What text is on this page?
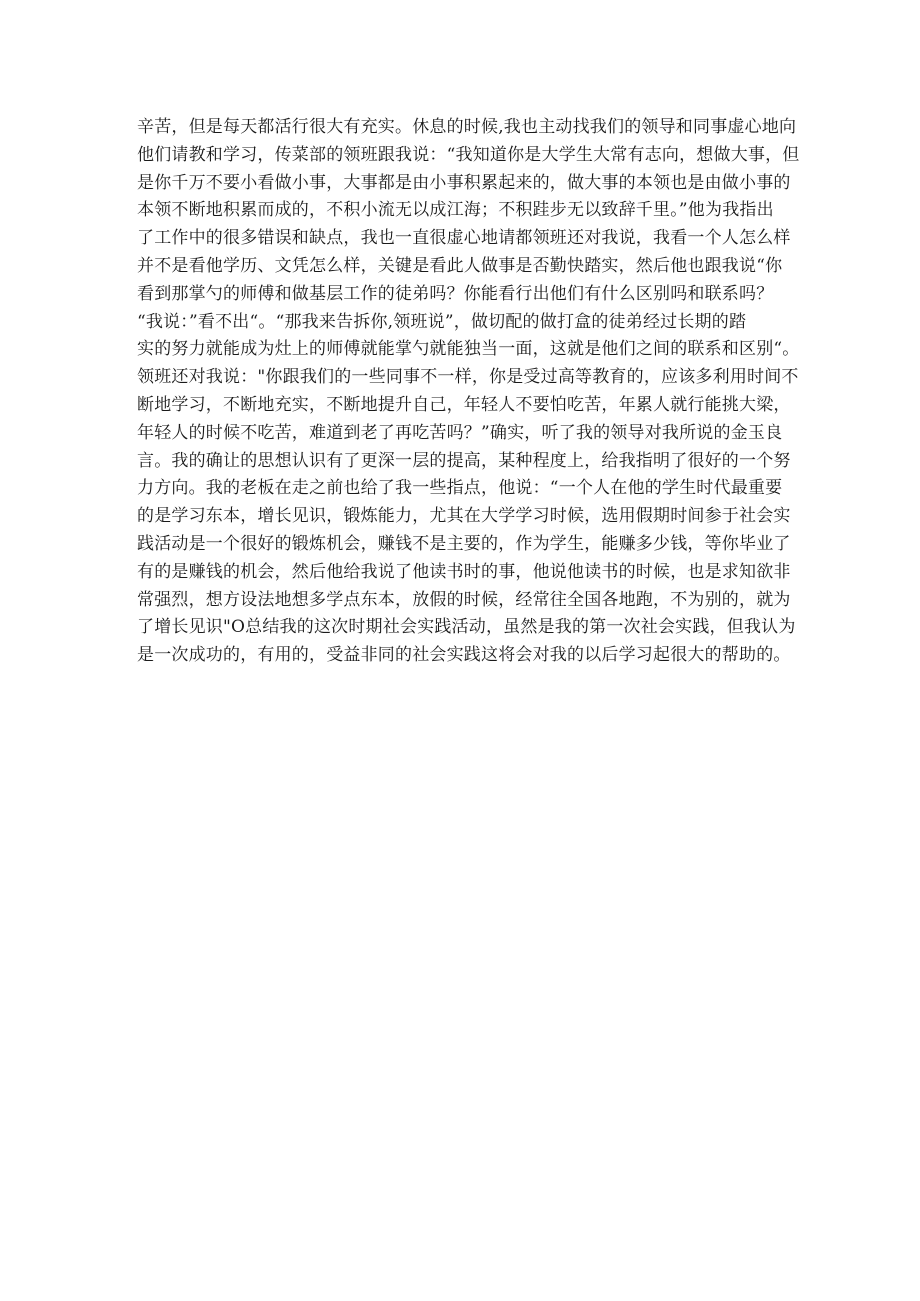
辛苦，但是每天都活行很大有充实。休息的时候,我也主动找我们的领导和同事虚心地向
他们请教和学习，传菜部的领班跟我说：“我知道你是大学生大常有志向，想做大事，但
是你千万不要小看做小事，大事都是由小事积累起来的，做大事的本领也是由做小事的
本领不断地积累而成的，不积小流无以成江海；不积跬步无以致辞千里。”他为我指出
了工作中的很多错误和缺点，我也一直很虚心地请都领班还对我说，我看一个人怎么样
并不是看他学历、文凭怎么样，关键是看此人做事是否勤快踏实，然后他也跟我说“你
看到那掌勺的师傅和做基层工作的徒弟吗？你能看行出他们有什么区别吗和联系吗？
“我说：”看不出“。“那我来告拆你,领班说”，做切配的做打盒的徒弟经过长期的踏
实的努力就能成为灶上的师傅就能掌勺就能独当一面，这就是他们之间的联系和区别“。
领班还对我说："你跟我们的一些同事不一样，你是受过高等教育的，应该多利用时间不
断地学习，不断地充实，不断地提升自己，年轻人不要怕吃苦，年累人就行能挑大梁，
年轻人的时候不吃苦，难道到老了再吃苦吗？”确实，听了我的领导对我所说的金玉良
言。我的确让的思想认识有了更深一层的提高，某种程度上，给我指明了很好的一个努
力方向。我的老板在走之前也给了我一些指点，他说：“一个人在他的学生时代最重要
的是学习东本，增长见识，锻炼能力，尤其在大学学习时候，选用假期时间参于社会实
践活动是一个很好的锻炼机会，赚钱不是主要的，作为学生，能赚多少钱，等你毕业了
有的是赚钱的机会，然后他给我说了他读书时的事，他说他读书的时候，也是求知欲非
常强烈，想方设法地想多学点东本，放假的时候，经常往全国各地跑，不为别的，就为
了增长见识"O总结我的这次时期社会实践活动，虽然是我的第一次社会实践，但我认为
是一次成功的，有用的，受益非同的社会实践这将会对我的以后学习起很大的帮助的。
